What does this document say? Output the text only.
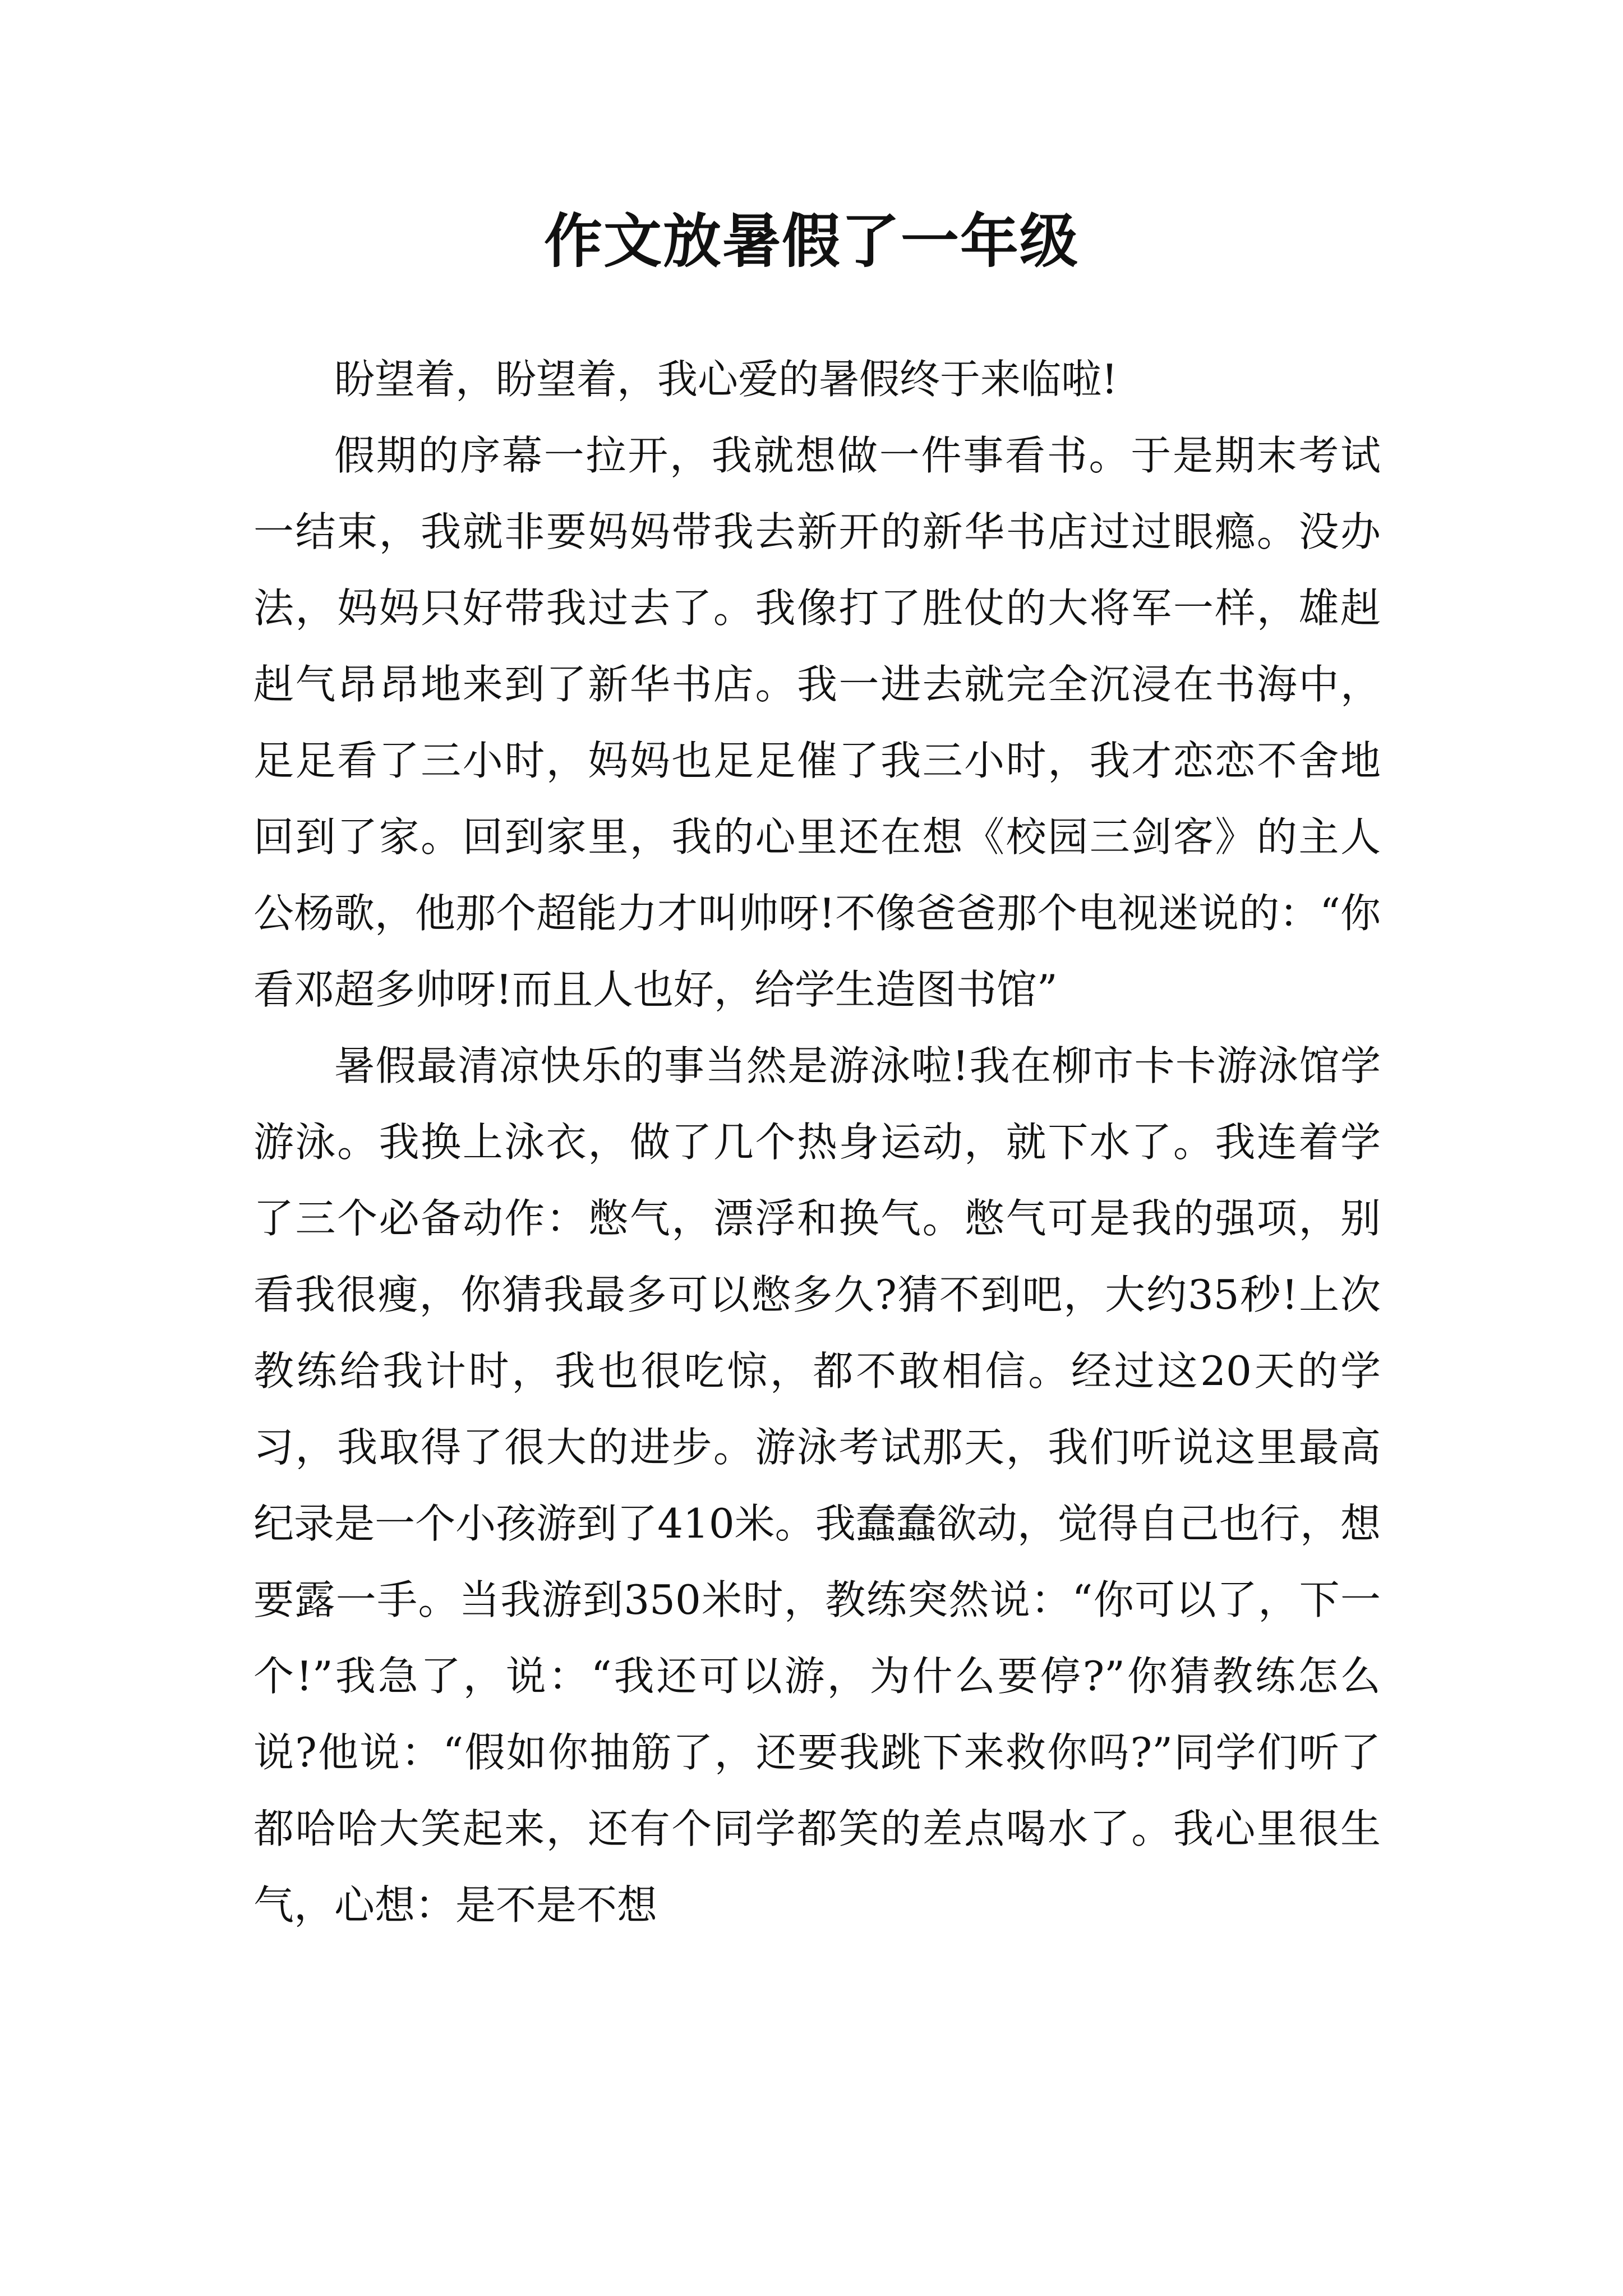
作文放暑假了一年级

盼望着，盼望着，我心爱的暑假终于来临啦!

假期的序幕一拉开，我就想做一件事看书。于是期末考试一结束，我就非要妈妈带我去新开的新华书店过过眼瘾。没办法，妈妈只好带我过去了。我像打了胜仗的大将军一样，雄赳赳气昂昂地来到了新华书店。我一进去就完全沉浸在书海中，足足看了三小时，妈妈也足足催了我三小时，我才恋恋不舍地回到了家。回到家里，我的心里还在想《校园三剑客》的主人公杨歌，他那个超能力才叫帅呀!不像爸爸那个电视迷说的：“你看邓超多帅呀!而且人也好，给学生造图书馆”

暑假最清凉快乐的事当然是游泳啦!我在柳市卡卡游泳馆学游泳。我换上泳衣，做了几个热身运动，就下水了。我连着学了三个必备动作：憋气，漂浮和换气。憋气可是我的强项，别看我很瘦，你猜我最多可以憋多久?猜不到吧，大约35秒!上次教练给我计时，我也很吃惊，都不敢相信。经过这20天的学习，我取得了很大的进步。游泳考试那天，我们听说这里最高纪录是一个小孩游到了410米。我蠢蠢欲动，觉得自己也行，想要露一手。当我游到350米时，教练突然说：“你可以了，下一个!”我急了，说：“我还可以游，为什么要停?”你猜教练怎么说?他说：“假如你抽筋了，还要我跳下来救你吗?”同学们听了都哈哈大笑起来，还有个同学都笑的差点喝水了。我心里很生气，心想：是不是不想
